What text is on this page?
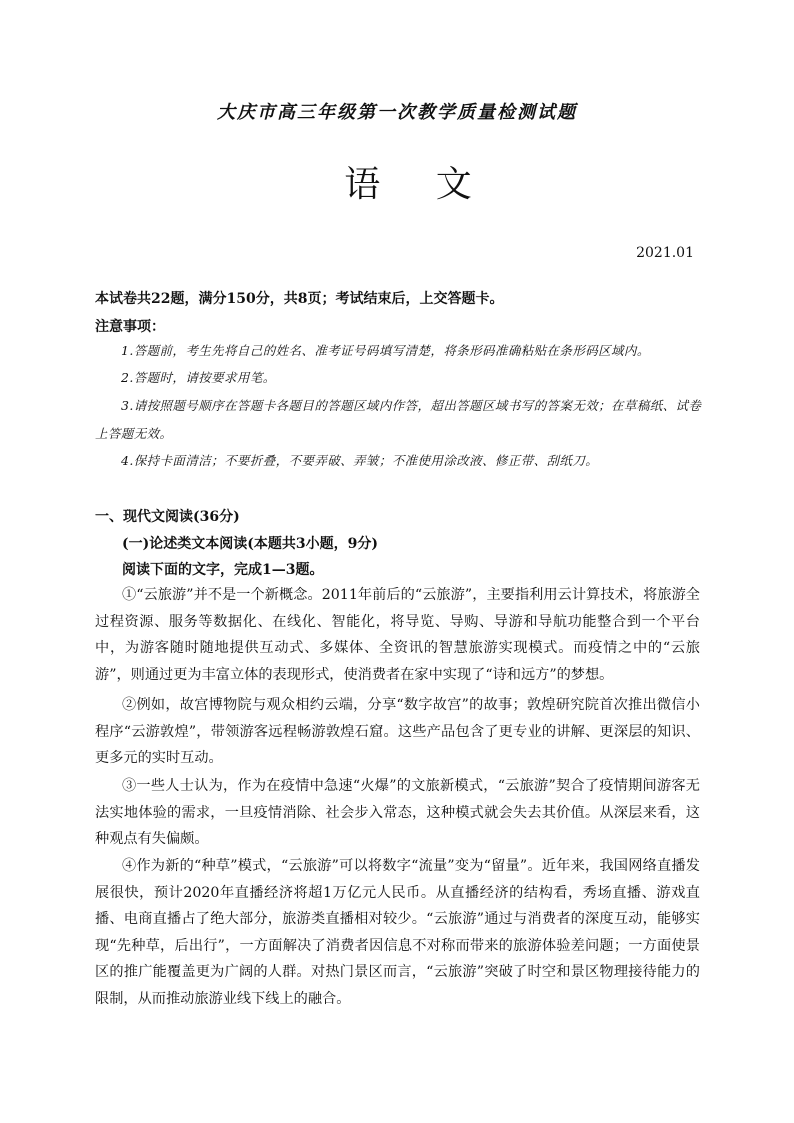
大庆市高三年级第一次教学质量检测试题
语 文
2021.01
本试卷共22题，满分150分，共8页；考试结束后，上交答题卡。
注意事项：
1.答题前，考生先将自己的姓名、准考证号码填写清楚，将条形码准确粘贴在条形码区域内。
2.答题时，请按要求用笔。
3.请按照题号顺序在答题卡各题目的答题区域内作答，超出答题区域书写的答案无效；在草稿纸、试卷上答题无效。
4.保持卡面清洁；不要折叠，不要弄破、弄皱；不准使用涂改液、修正带、刮纸刀。
一、现代文阅读(36分)
(一)论述类文本阅读(本题共3小题，9分)
阅读下面的文字，完成1—3题。
①“云旅游”并不是一个新概念。2011年前后的“云旅游”，主要指利用云计算技术，将旅游全过程资源、服务等数据化、在线化、智能化，将导览、导购、导游和导航功能整合到一个平台中，为游客随时随地提供互动式、多媒体、全资讯的智慧旅游实现模式。而疫情之中的“云旅游”，则通过更为丰富立体的表现形式，使消费者在家中实现了“诗和远方”的梦想。
②例如，故宫博物院与观众相约云端，分享“数字故宫”的故事；敦煌研究院首次推出微信小程序“云游敦煌”，带领游客远程畅游敦煌石窟。这些产品包含了更专业的讲解、更深层的知识、更多元的实时互动。
③一些人士认为，作为在疫情中急速“火爆”的文旅新模式，“云旅游”契合了疫情期间游客无法实地体验的需求，一旦疫情消除、社会步入常态，这种模式就会失去其价值。从深层来看，这种观点有失偏颇。
④作为新的“种草”模式，“云旅游”可以将数字“流量”变为“留量”。近年来，我国网络直播发展很快，预计2020年直播经济将超1万亿元人民币。从直播经济的结构看，秀场直播、游戏直播、电商直播占了绝大部分，旅游类直播相对较少。“云旅游”通过与消费者的深度互动，能够实现“先种草，后出行”，一方面解决了消费者因信息不对称而带来的旅游体验差问题；一方面使景区的推广能覆盖更为广阔的人群。对热门景区而言，“云旅游”突破了时空和景区物理接待能力的限制，从而推动旅游业线下线上的融合。
